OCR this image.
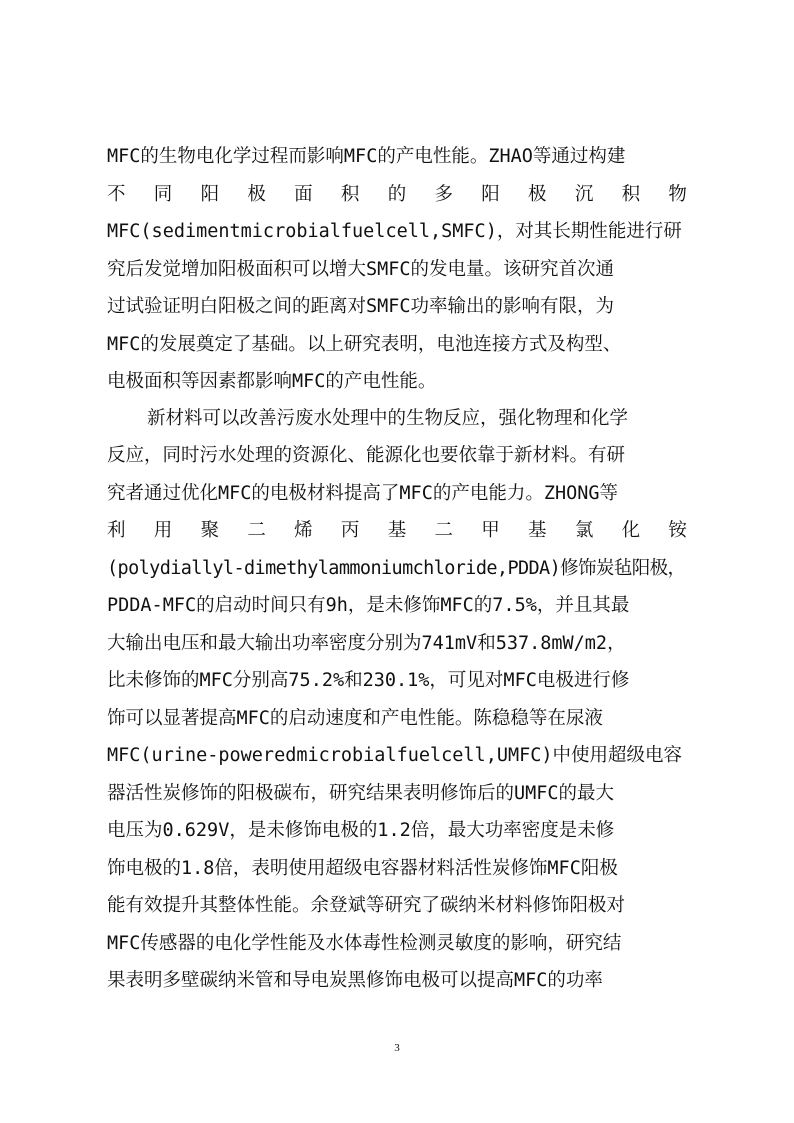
MFC的生物电化学过程而影响MFC的产电性能。ZHAO等通过构建
不 同 阳 极 面 积 的 多 阳 极 沉 积 物
MFC(sedimentmicrobialfuelcell,SMFC)，对其长期性能进行研
究后发觉增加阳极面积可以增大SMFC的发电量。该研究首次通
过试验证明白阳极之间的距离对SMFC功率输出的影响有限，为
MFC的发展奠定了基础。以上研究表明，电池连接方式及构型、
电极面积等因素都影响MFC的产电性能。
新材料可以改善污废水处理中的生物反应，强化物理和化学
反应，同时污水处理的资源化、能源化也要依靠于新材料。有研
究者通过优化MFC的电极材料提高了MFC的产电能力。ZHONG等
利 用 聚 二 烯 丙 基 二 甲 基 氯 化 铵
(polydiallyl-dimethylammoniumchloride,PDDA)修饰炭毡阳极，
PDDA-MFC的启动时间只有9h，是未修饰MFC的7.5%，并且其最
大输出电压和最大输出功率密度分别为741mV和537.8mW/m2，
比未修饰的MFC分别高75.2%和230.1%，可见对MFC电极进行修
饰可以显著提高MFC的启动速度和产电性能。陈稳稳等在尿液
MFC(urine-poweredmicrobialfuelcell,UMFC)中使用超级电容
器活性炭修饰的阳极碳布，研究结果表明修饰后的UMFC的最大
电压为0.629V，是未修饰电极的1.2倍，最大功率密度是未修
饰电极的1.8倍，表明使用超级电容器材料活性炭修饰MFC阳极
能有效提升其整体性能。余登斌等研究了碳纳米材料修饰阳极对
MFC传感器的电化学性能及水体毒性检测灵敏度的影响，研究结
果表明多壁碳纳米管和导电炭黑修饰电极可以提高MFC的功率
3
